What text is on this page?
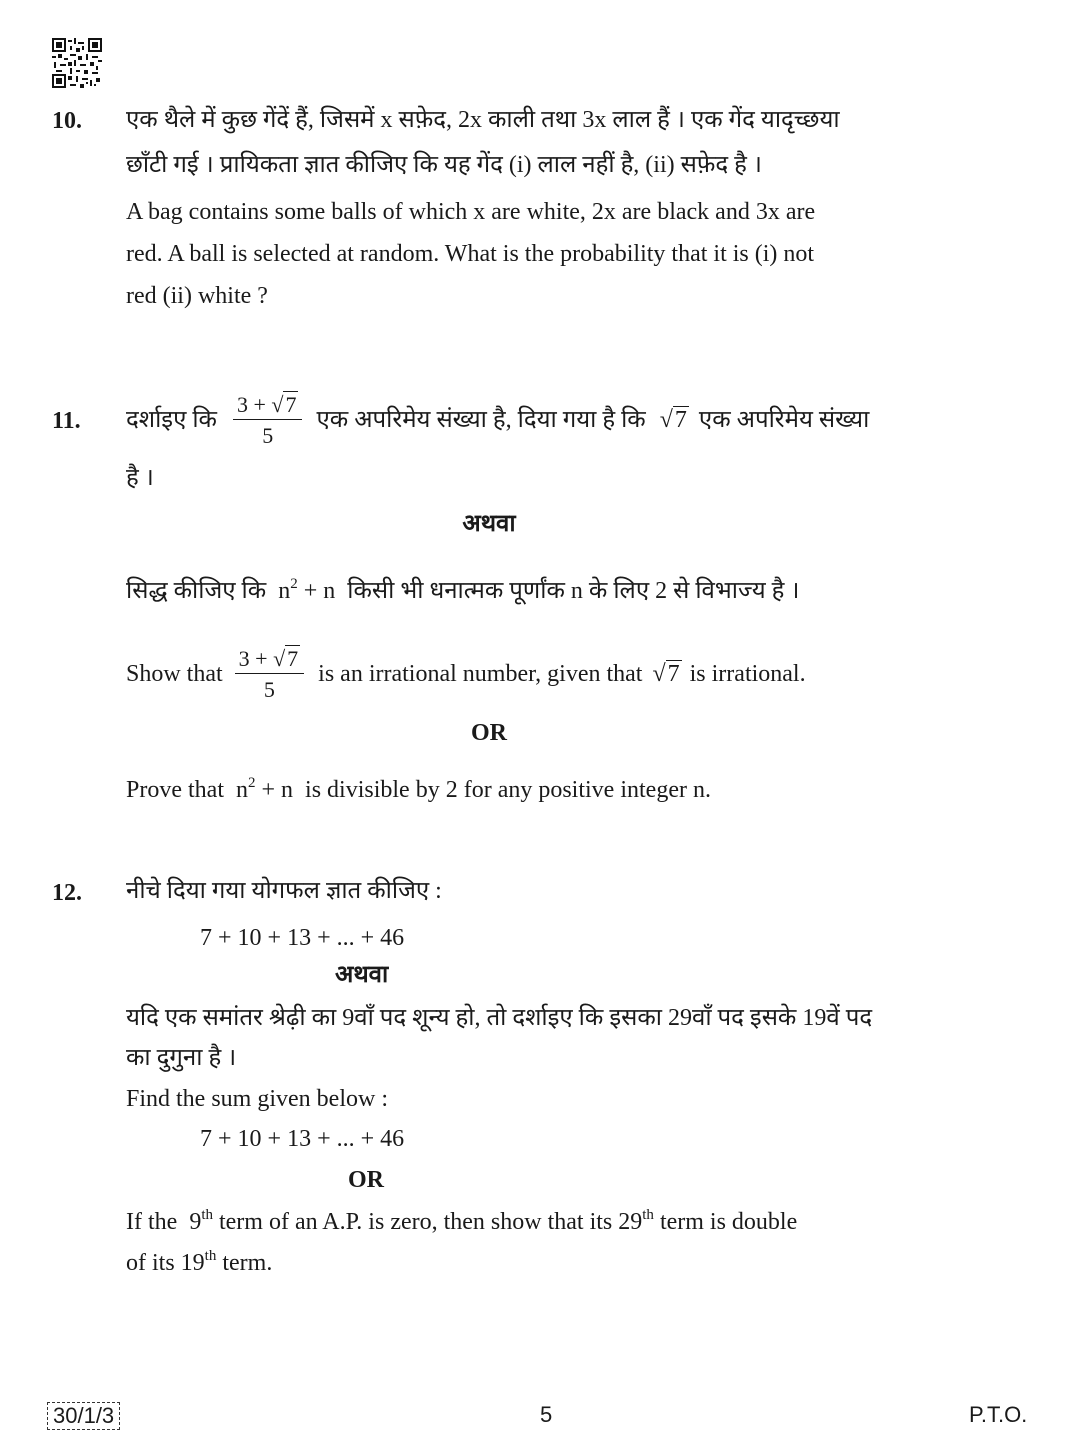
10. एक थैले में कुछ गेंदें हैं, जिसमें x सफ़ेद, 2x काली तथा 3x लाल हैं । एक गेंद यादृच्छया
छाँटी गई । प्रायिकता ज्ञात कीजिए कि यह गेंद (i) लाल नहीं है, (ii) सफ़ेद है ।
A bag contains some balls of which x are white, 2x are black and 3x are
red. A ball is selected at random. What is the probability that it is (i) not
red (ii) white ?
11. दर्शाइए कि $\frac{3 + √7}{5}$ एक अपरिमेय संख्या है, दिया गया है कि √7 एक अपरिमेय संख्या
है ।
अथवा
सिद्ध कीजिए कि $n^2 + n$ किसी भी धनात्मक पूर्णांक n के लिए 2 से विभाज्य है ।
Show that $\frac{3 + √7}{5}$ is an irrational number, given that √7 is irrational.
OR
Prove that $n^2 + n$ is divisible by 2 for any positive integer n.
12. नीचे दिया गया योगफल ज्ञात कीजिए :
7 + 10 + 13 + ... + 46
अथवा
यदि एक समांतर श्रेढ़ी का 9वाँ पद शून्य हो, तो दर्शाइए कि इसका 29वाँ पद इसके 19वें पद
का दुगुना है ।
Find the sum given below :
7 + 10 + 13 + ... + 46
OR
If the 9th term of an A.P. is zero, then show that its 29th term is double
of its 19th term.
30/1/3	5	P.T.O.
